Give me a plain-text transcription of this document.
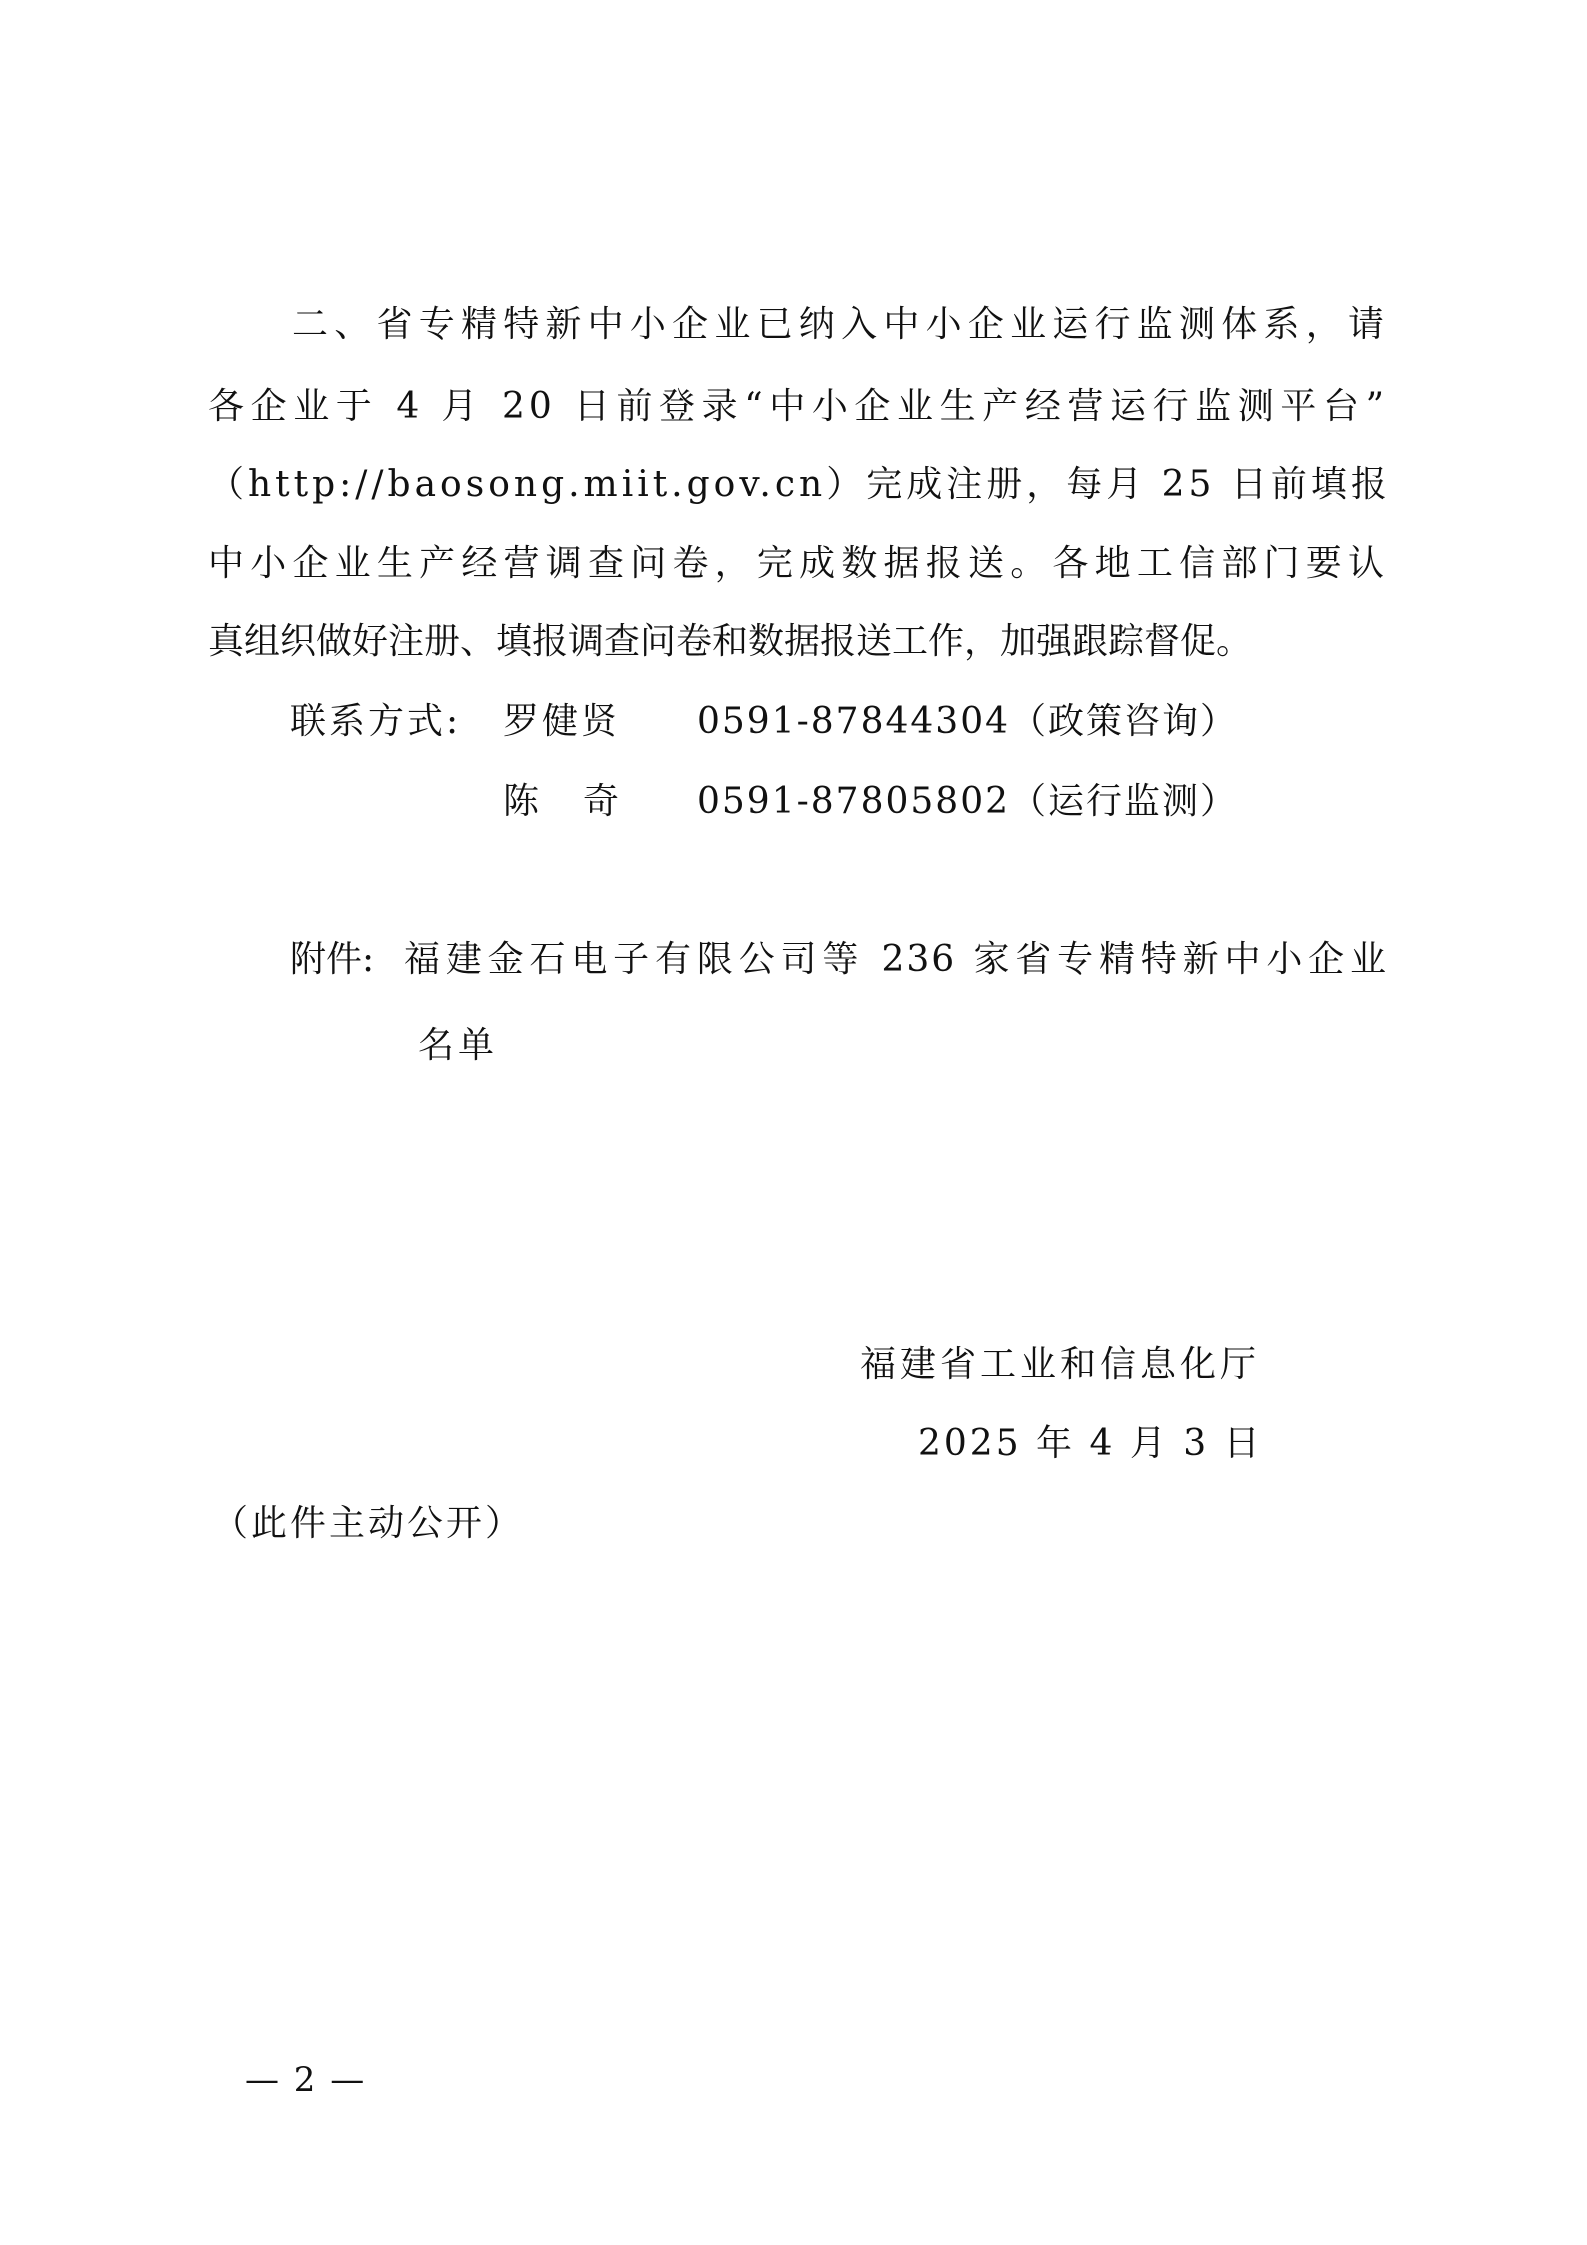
二、省专精特新中小企业已纳入中小企业运行监测体系，请
各企业于 4 月 20 日前登录“中小企业生产经营运行监测平台”
（http://baosong.miit.gov.cn）完成注册，每月 25 日前填报
中小企业生产经营调查问卷，完成数据报送。各地工信部门要认
真组织做好注册、填报调查问卷和数据报送工作，加强跟踪督促。
联系方式: 罗健贤 0591-87844304（政策咨询）
陈　奇 0591-87805802（运行监测）
附件: 福建金石电子有限公司等 236 家省专精特新中小企业
名单
福建省工业和信息化厅
2025 年 4 月 3 日
（此件主动公开）
— 2 —
